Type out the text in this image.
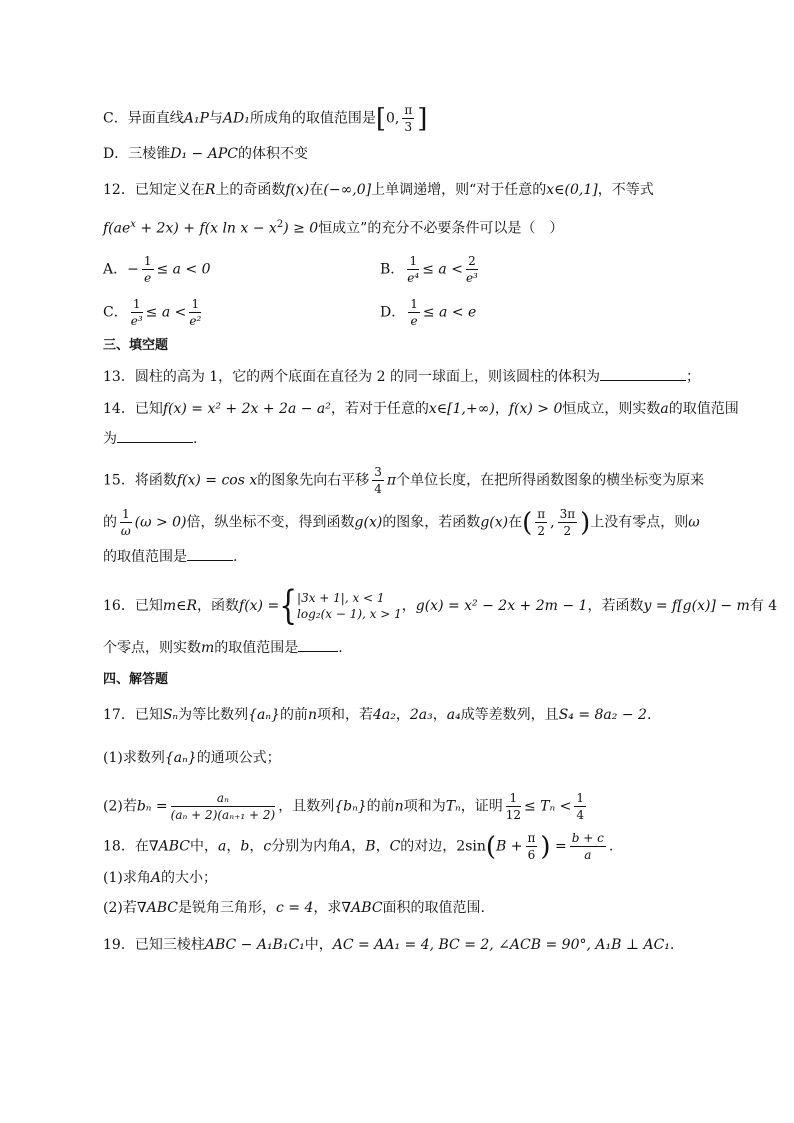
C．异面直线A₁P与AD₁所成角的取值范围是[0, $\frac{\pi}{3}$ ]
D．三棱锥D₁ − APC的体积不变
12．已知定义在R上的奇函数f(x)在(−∞,0]上单调递增，则“对于任意的x∈(0,1]，不等式
$f(ae^x + 2x) + f(x$ $\ln x - x^2) \ge 0$恒成立”的充分不必要条件可以是（　）
A．− $\frac{1}{e} \le a < 0$	B． $\frac{1}{\text{e⁴}} \le a < \frac{2}{\text{e³}}$
C． $\frac{1}{\text{e³}} \le a < \frac{1}{\text{e²}}$	D． $\frac{1}{e} \le a < e$
三、填空题
13．圆柱的高为 1，它的两个底面在直径为 2 的同一球面上，则该圆柱的体积为	；
14．已知f(x) = x² + 2x + 2a − a²，若对于任意的x∈[1,+∞)，f(x) > 0恒成立，则实数a的取值范围
为	.
15．将函数f(x) = cos x的图象先向右平移 $\frac{3}{4}$ π个单位长度，在把所得函数图象的横坐标变为原来
的 $\frac{1}{\omega} (\omega > 0)$倍，纵坐标不变，得到函数g(x)的图象，若函数g(x)在( $\frac{\pi}{2}$ , $\frac{3\pi}{2}$ )上没有零点，则ω
的取值范围是	.
16．已知m∈R，函数f(x) ={ |3x + 1|, x < 1
log₂(x − 1), x > 1 ，g(x) = x² − 2x + 2m − 1，若函数y = f[g(x)] − m有 4
个零点，则实数m的取值范围是	.
四、解答题
17．已知Sₙ为等比数列{aₙ}的前n项和，若4a₂，2a₃，a₄成等差数列，且S₄ = 8a₂ − 2.
(1)求数列{aₙ}的通项公式；
(2)若$b_n = \frac{\text{aₙ}}{\text{(aₙ + 2)(aₙ₊₁ + 2)}}$ ，且数列{bₙ}的前n项和为Tₙ，证明 $\frac{1}{12} \le T_n < \frac{1}{4}$
18．在∇ABC中，a，b，c分别为内角A，B，C的对边，$2\sin(B + \frac{\pi}{6}$ ) = $\frac{b + c}{a}$ .
(1)求角A的大小；
(2)若∇ABC是锐角三角形，c = 4，求∇ABC面积的取值范围.
19．已知三棱柱ABC − A₁B₁C₁中，AC = AA₁ = 4, BC = 2, ∠ACB = 90°, A₁B ⊥ AC₁.
